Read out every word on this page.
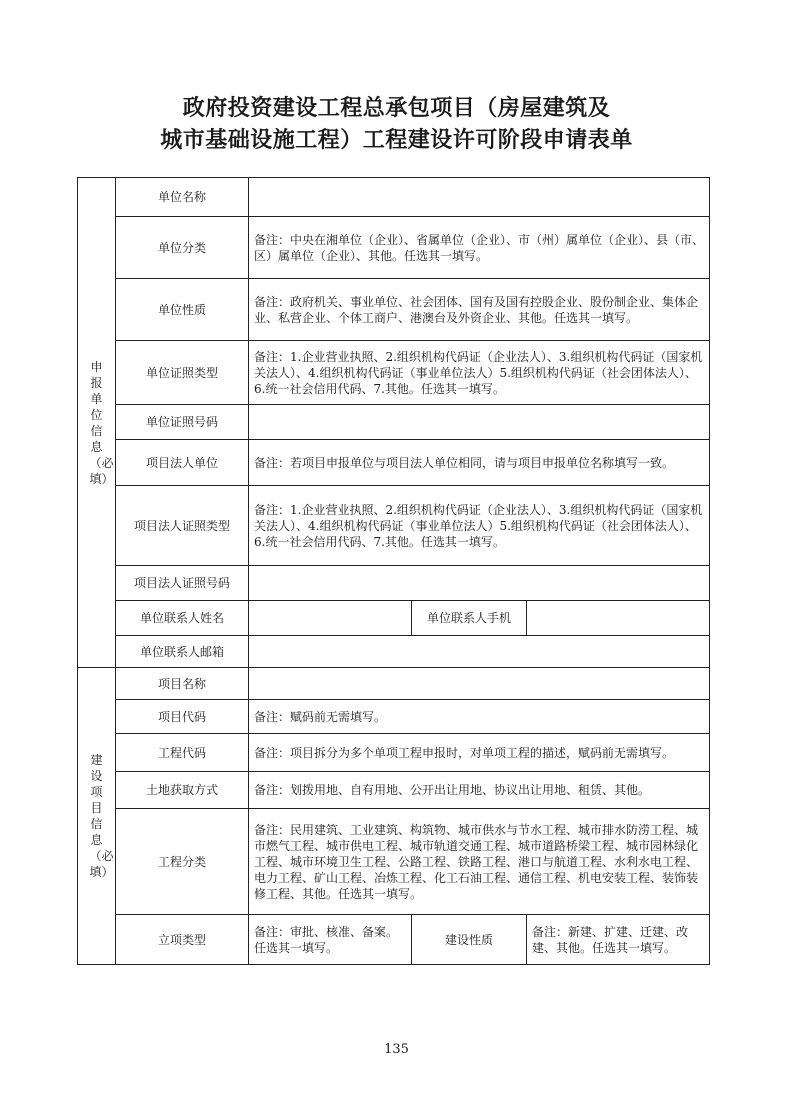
政府投资建设工程总承包项目（房屋建筑及
城市基础设施工程）工程建设许可阶段申请表单
申报单位信息（必填）	单位名称			
	单位分类	备注：中央在湘单位（企业）、省属单位（企业）、市（州）属单位（企业）、县（市、区）属单位（企业）、其他。任选其一填写。		
	单位性质	备注：政府机关、事业单位、社会团体、国有及国有控股企业、股份制企业、集体企业、私营企业、个体工商户、港澳台及外资企业、其他。任选其一填写。		
	单位证照类型	备注：1.企业营业执照、2.组织机构代码证（企业法人）、3.组织机构代码证（国家机关法人）、4.组织机构代码证（事业单位法人）5.组织机构代码证（社会团体法人）、6.统一社会信用代码、7.其他。任选其一填写。		
	单位证照号码			
	项目法人单位	备注：若项目申报单位与项目法人单位相同，请与项目申报单位名称填写一致。		
	项目法人证照类型	备注：1.企业营业执照、2.组织机构代码证（企业法人）、3.组织机构代码证（国家机关法人）、4.组织机构代码证（事业单位法人）5.组织机构代码证（社会团体法人）、6.统一社会信用代码、7.其他。任选其一填写。		
	项目法人证照号码			
	单位联系人姓名		单位联系人手机	
	单位联系人邮箱			

建设项目信息（必填）	项目名称			
	项目代码	备注：赋码前无需填写。		
	工程代码	备注：项目拆分为多个单项工程申报时，对单项工程的描述，赋码前无需填写。		
	土地获取方式	备注：划拨用地、自有用地、公开出让用地、协议出让用地、租赁、其他。		
	工程分类	备注：民用建筑、工业建筑、构筑物、城市供水与节水工程、城市排水防涝工程、城市燃气工程、城市供电工程、城市轨道交通工程、城市道路桥梁工程、城市园林绿化工程、城市环境卫生工程、公路工程、铁路工程、港口与航道工程、水利水电工程、电力工程、矿山工程、冶炼工程、化工石油工程、通信工程、机电安装工程、装饰装修工程、其他。任选其一填写。		
	立项类型	备注：审批、核准、备案。任选其一填写。	建设性质	备注：新建、扩建、迁建、改建、其他。任选其一填写。
135
